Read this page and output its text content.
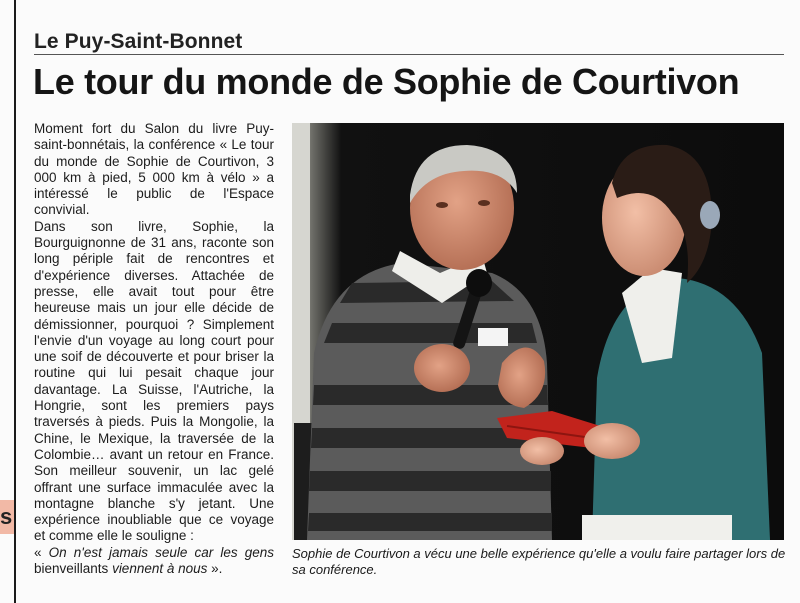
s
Le Puy-Saint-Bonnet
Le tour du monde de Sophie de Courtivon

Moment fort du Salon du livre Puy-saint-bonnétais, la conférence « Le tour du monde de Sophie de Courtivon, 3 000 km à pied, 5 000 km à vélo » a intéressé le public de l'Espace convivial.

Dans son livre, Sophie, la Bourguignonne de 31 ans, raconte son long périple fait de rencontres et d'expérience diverses. Attachée de presse, elle avait tout pour être heureuse mais un jour elle décide de démissionner, pourquoi ? Simplement l'envie d'un voyage au long court pour une soif de découverte et pour briser la routine qui lui pesait chaque jour davantage. La Suisse, l'Autriche, la Hongrie, sont les premiers pays traversés à pieds. Puis la Mongolie, la Chine, le Mexique, la traversée de la Colombie… avant un retour en France. Son meilleur souvenir, un lac gelé offrant une surface immaculée avec la montagne blanche s'y jetant. Une expérience inoubliable que ce voyage et comme elle le souligne :

« On n'est jamais seule car les gens bienveillants viennent à nous ».

Sophie de Courtivon a vécu une belle expérience qu'elle a voulu faire partager lors de sa conférence.
